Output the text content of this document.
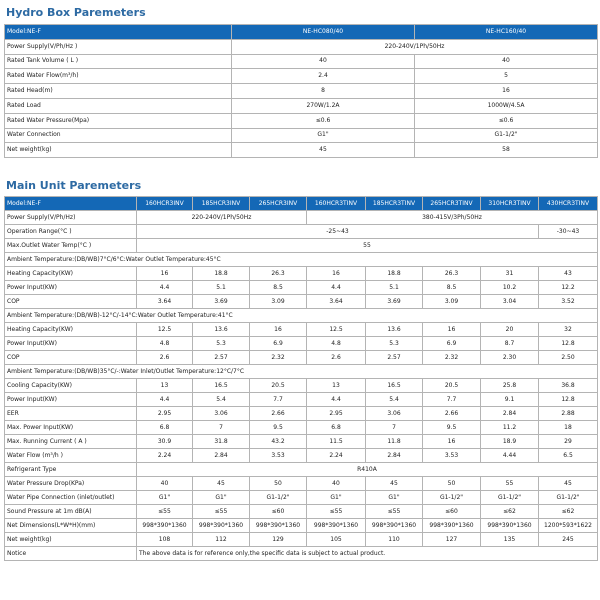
Hydro Box Paremeters
Model:NE-F	NE-HC080/40	NE-HC160/40
Power Supply(V/Ph/Hz )	220-240V/1Ph/50Hz	
Rated Tank Volume ( L )	40	40
Rated Water Flow(m³/h)	2.4	5
Rated Head(m)	8	16
Rated Load	270W/1.2A	1000W/4.5A
Rated Water Pressure(Mpa)	≤0.6	≤0.6
Water Connection	G1"	G1-1/2"
Net weight(kg)	45	58
Main Unit Paremeters
Model:NE-F	160HCR3INV	185HCR3INV	265HCR3INV	160HCR3TINV	185HCR3TINV	265HCR3TINV	310HCR3TINV	430HCR3TINV
Power Supply(V/Ph/Hz)	220-240V/1Ph/50Hz			380-415V/3Ph/50Hz				
Operation Range(°C )	-25~43							-30~43
Max.Outlet Water Temp(°C )	55							
Ambient Temperature:(DB/WB)7°C/6°C:Water Outlet Temperature:45°C								
Heating Capacity(KW)	16	18.8	26.3	16	18.8	26.3	31	43
Power Input(KW)	4.4	5.1	8.5	4.4	5.1	8.5	10.2	12.2
COP	3.64	3.69	3.09	3.64	3.69	3.09	3.04	3.52
Ambient Temperature:(DB/WB)-12°C/-14°C:Water Outlet Temperature:41°C								
Heating Capacity(KW)	12.5	13.6	16	12.5	13.6	16	20	32
Power Input(KW)	4.8	5.3	6.9	4.8	5.3	6.9	8.7	12.8
COP	2.6	2.57	2.32	2.6	2.57	2.32	2.30	2.50
Ambient Temperature:(DB/WB)35°C/-:Water Inlet/Outlet Temperature:12°C/7°C								
Cooling Capacity(KW)	13	16.5	20.5	13	16.5	20.5	25.8	36.8
Power Input(KW)	4.4	5.4	7.7	4.4	5.4	7.7	9.1	12.8
EER	2.95	3.06	2.66	2.95	3.06	2.66	2.84	2.88
Max. Power Input(KW)	6.8	7	9.5	6.8	7	9.5	11.2	18
Max. Running Current ( A )	30.9	31.8	43.2	11.5	11.8	16	18.9	29
Water Flow (m³/h )	2.24	2.84	3.53	2.24	2.84	3.53	4.44	6.5
Refrigerant Type	R410A							
Water Pressure Drop(KPa)	40	45	50	40	45	50	55	45
Water Pipe Connection (inlet/outlet)	G1"	G1"	G1-1/2"	G1"	G1"	G1-1/2"	G1-1/2"	G1-1/2"
Sound Pressure at 1m dB(A)	≤55	≤55	≤60	≤55	≤55	≤60	≤62	≤62
Net Dimensions(L*W*H)(mm)	998*390*1360	998*390*1360	998*390*1360	998*390*1360	998*390*1360	998*390*1360	998*390*1360	1200*593*1622
Net weight(kg)	108	112	129	105	110	127	135	245
Notice	The above data is for reference only,the specific data is subject to actual product.							
